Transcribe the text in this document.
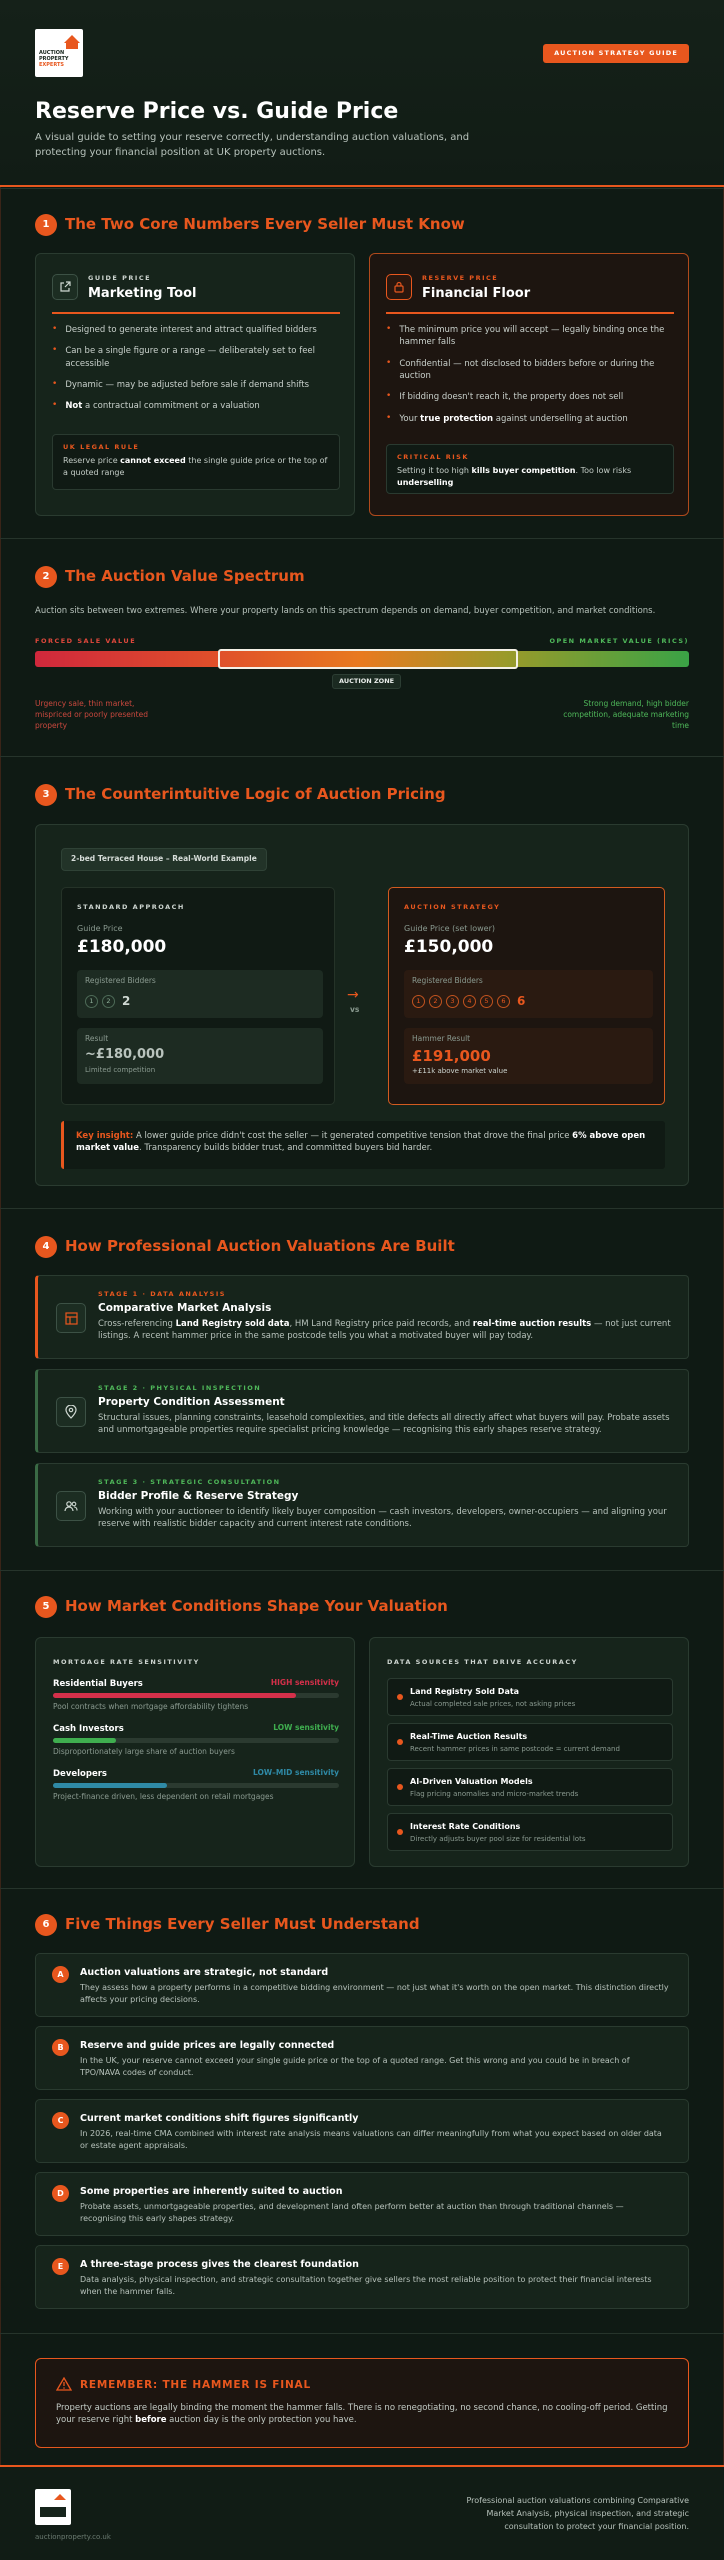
AUCTION
PROPERTY
EXPERTS
AUCTION STRATEGY GUIDE
Reserve Price vs. Guide Price

A visual guide to setting your reserve correctly, understanding auction valuations, and protecting your financial position at UK property auctions.

1	The Two Core Numbers Every Seller Must Know
GUIDE PRICE
Marketing Tool
• Designed to generate interest and attract qualified bidders
• Can be a single figure or a range — deliberately set to feel accessible
• Dynamic — may be adjusted before sale if demand shifts
• Not a contractual commitment or a valuation
UK LEGAL RULE
Reserve price cannot exceed the single guide price or the top of a quoted range
RESERVE PRICE
Financial Floor
• The minimum price you will accept — legally binding once the hammer falls
• Confidential — not disclosed to bidders before or during the auction
• If bidding doesn't reach it, the property does not sell
• Your true protection against underselling at auction
CRITICAL RISK
Setting it too high kills buyer competition. Too low risks underselling
2	The Auction Value Spectrum

Auction sits between two extremes. Where your property lands on this spectrum depends on demand, buyer competition, and market conditions.

FORCED SALE VALUE	OPEN MARKET VALUE (RICS)
AUCTION ZONE
Urgency sale, thin market, mispriced or poorly presented property
Strong demand, high bidder competition, adequate marketing time
3	The Counterintuitive Logic of Auction Pricing
2-bed Terraced House – Real-World Example
STANDARD APPROACH
Guide Price
£180,000
Registered Bidders
1	2 2
Result
~£180,000
Limited competition
→
vs
AUCTION STRATEGY
Guide Price (set lower)
£150,000
Registered Bidders
1	2	3	4	5	6 6
Hammer Result
£191,000
+£11k above market value
Key insight: A lower guide price didn't cost the seller — it generated competitive tension that drove the final price 6% above open market value. Transparency builds bidder trust, and committed buyers bid harder.
4	How Professional Auction Valuations Are Built
STAGE 1 · DATA ANALYSIS
Comparative Market Analysis
Cross-referencing Land Registry sold data, HM Land Registry price paid records, and real-time auction results — not just current listings. A recent hammer price in the same postcode tells you what a motivated buyer will pay today.
STAGE 2 · PHYSICAL INSPECTION
Property Condition Assessment
Structural issues, planning constraints, leasehold complexities, and title defects all directly affect what buyers will pay. Probate assets and unmortgageable properties require specialist pricing knowledge — recognising this early shapes reserve strategy.
STAGE 3 · STRATEGIC CONSULTATION
Bidder Profile & Reserve Strategy
Working with your auctioneer to identify likely buyer composition — cash investors, developers, owner-occupiers — and aligning your reserve with realistic bidder capacity and current interest rate conditions.
5	How Market Conditions Shape Your Valuation
MORTGAGE RATE SENSITIVITY
Residential Buyers	HIGH sensitivity
Pool contracts when mortgage affordability tightens
Cash Investors	LOW sensitivity
Disproportionately large share of auction buyers
Developers	LOW–MID sensitivity
Project-finance driven, less dependent on retail mortgages
DATA SOURCES THAT DRIVE ACCURACY
Land Registry Sold Data
Actual completed sale prices, not asking prices
Real-Time Auction Results
Recent hammer prices in same postcode = current demand
AI-Driven Valuation Models
Flag pricing anomalies and micro-market trends
Interest Rate Conditions
Directly adjusts buyer pool size for residential lots
6	Five Things Every Seller Must Understand
A	Auction valuations are strategic, not standard
They assess how a property performs in a competitive bidding environment — not just what it's worth on the open market. This distinction directly affects your pricing decisions.
B	Reserve and guide prices are legally connected
In the UK, your reserve cannot exceed your single guide price or the top of a quoted range. Get this wrong and you could be in breach of TPO/NAVA codes of conduct.
C	Current market conditions shift figures significantly
In 2026, real-time CMA combined with interest rate analysis means valuations can differ meaningfully from what you expect based on older data or estate agent appraisals.
D	Some properties are inherently suited to auction
Probate assets, unmortgageable properties, and development land often perform better at auction than through traditional channels — recognising this early shapes strategy.
E	A three-stage process gives the clearest foundation
Data analysis, physical inspection, and strategic consultation together give sellers the most reliable position to protect their financial interests when the hammer falls.
REMEMBER: THE HAMMER IS FINAL
Property auctions are legally binding the moment the hammer falls. There is no renegotiating, no second chance, no cooling-off period. Getting your reserve right before auction day is the only protection you have.
auctionproperty.co.uk
Professional auction valuations combining Comparative Market Analysis, physical inspection, and strategic consultation to protect your financial position.
